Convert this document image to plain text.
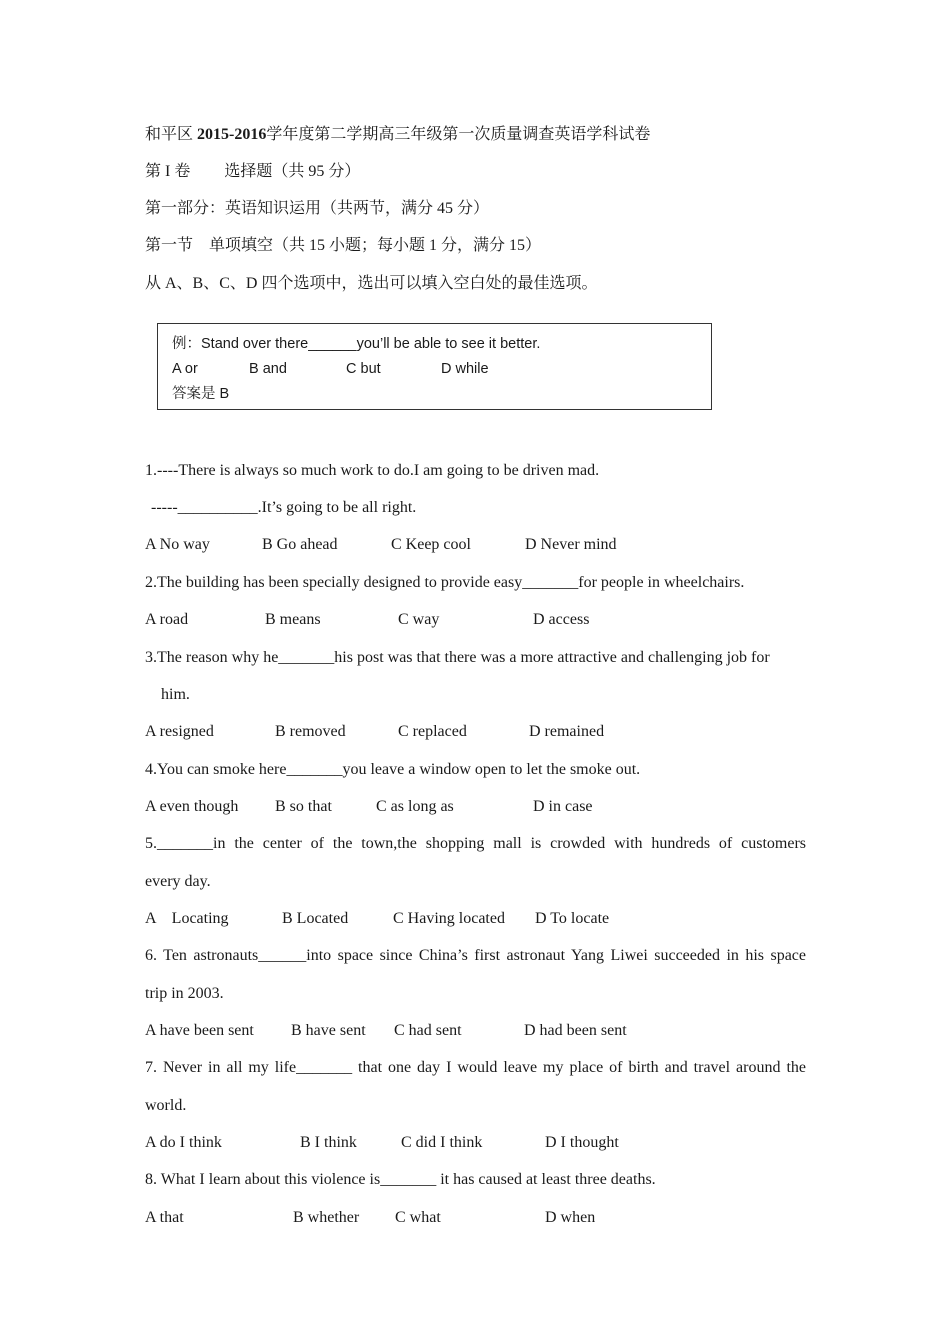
和平区 2015-2016学年度第二学期高三年级第一次质量调查英语学科试卷
第 I 卷 选择题（共 95 分）
第一部分：英语知识运用（共两节，满分 45 分）
第一节　单项填空（共 15 小题；每小题 1 分，满分 15）
从 A、B、C、D 四个选项中，选出可以填入空白处的最佳选项。
例：Stand over there______you’ll be able to see it better.
A or	B and	C but	D while
答案是 B
1.----There is always so much work to do.I am going to be driven mad.
-----__________.It’s going to be all right.
A No way	B Go ahead	C Keep cool	D Never mind
2.The building has been specially designed to provide easy_______for people in wheelchairs.
A road	B means	C way	D access
3.The reason why he_______his post was that there was a more attractive and challenging job for
him.
A resigned	B removed	C replaced	D remained
4.You can smoke here_______you leave a window open to let the smoke out.
A even though B so that	C as long as	D in case
5._______in the center of the town,the shopping mall is crowded with hundreds of customers
every day.
A　Locating	B Located	C Having located D To locate
6. Ten astronauts______into space since China’s first astronaut Yang Liwei succeeded in his space
trip in 2003.
A have been sent B have sent C had sent	D had been sent
7. Never in all my life_______ that one day I would leave my place of birth and travel around the
world.
A do I think	B I think	C did I think	D I thought
8. What I learn about this violence is_______ it has caused at least three deaths.
A that	B whether C what	D when
